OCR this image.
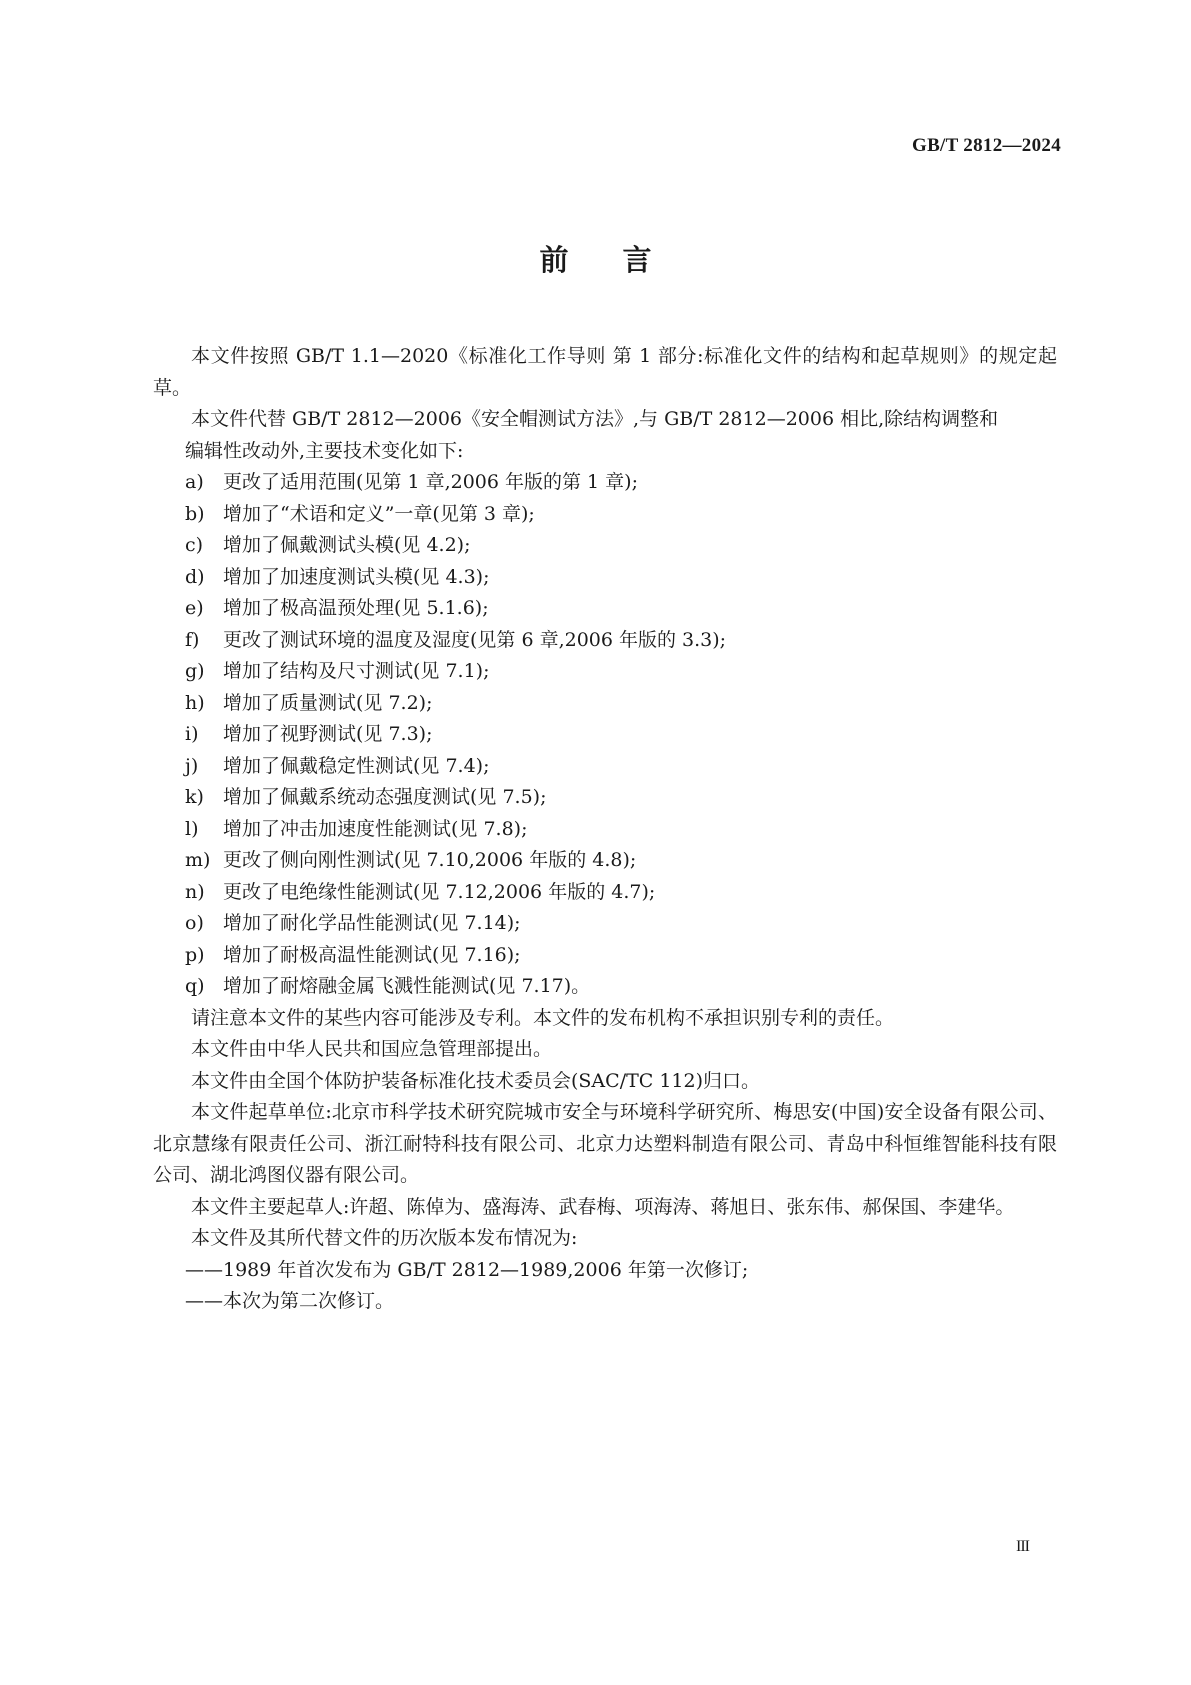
GB/T 2812—2024
前言

本文件按照 GB/T 1.1—2020《标准化工作导则 第 1 部分:标准化文件的结构和起草规则》的规定起草。

本文件代替 GB/T 2812—2006《安全帽测试方法》,与 GB/T 2812—2006 相比,除结构调整和

编辑性改动外,主要技术变化如下:

a) 更改了适用范围(见第 1 章,2006 年版的第 1 章);
b) 增加了“术语和定义”一章(见第 3 章);
c) 增加了佩戴测试头模(见 4.2);
d) 增加了加速度测试头模(见 4.3);
e) 增加了极高温预处理(见 5.1.6);
f) 更改了测试环境的温度及湿度(见第 6 章,2006 年版的 3.3);
g) 增加了结构及尺寸测试(见 7.1);
h) 增加了质量测试(见 7.2);
i) 增加了视野测试(见 7.3);
j) 增加了佩戴稳定性测试(见 7.4);
k) 增加了佩戴系统动态强度测试(见 7.5);
l) 增加了冲击加速度性能测试(见 7.8);
m) 更改了侧向刚性测试(见 7.10,2006 年版的 4.8);
n) 更改了电绝缘性能测试(见 7.12,2006 年版的 4.7);
o) 增加了耐化学品性能测试(见 7.14);
p) 增加了耐极高温性能测试(见 7.16);
q) 增加了耐熔融金属飞溅性能测试(见 7.17)。

请注意本文件的某些内容可能涉及专利。本文件的发布机构不承担识别专利的责任。

本文件由中华人民共和国应急管理部提出。

本文件由全国个体防护装备标准化技术委员会(SAC/TC 112)归口。

本文件起草单位:北京市科学技术研究院城市安全与环境科学研究所、梅思安(中国)安全设备有限公司、北京慧缘有限责任公司、浙江耐特科技有限公司、北京力达塑料制造有限公司、青岛中科恒维智能科技有限公司、湖北鸿图仪器有限公司。

本文件主要起草人:许超、陈倬为、盛海涛、武春梅、项海涛、蒋旭日、张东伟、郝保国、李建华。

本文件及其所代替文件的历次版本发布情况为:

——1989 年首次发布为 GB/T 2812—1989,2006 年第一次修订;

——本次为第二次修订。

III
